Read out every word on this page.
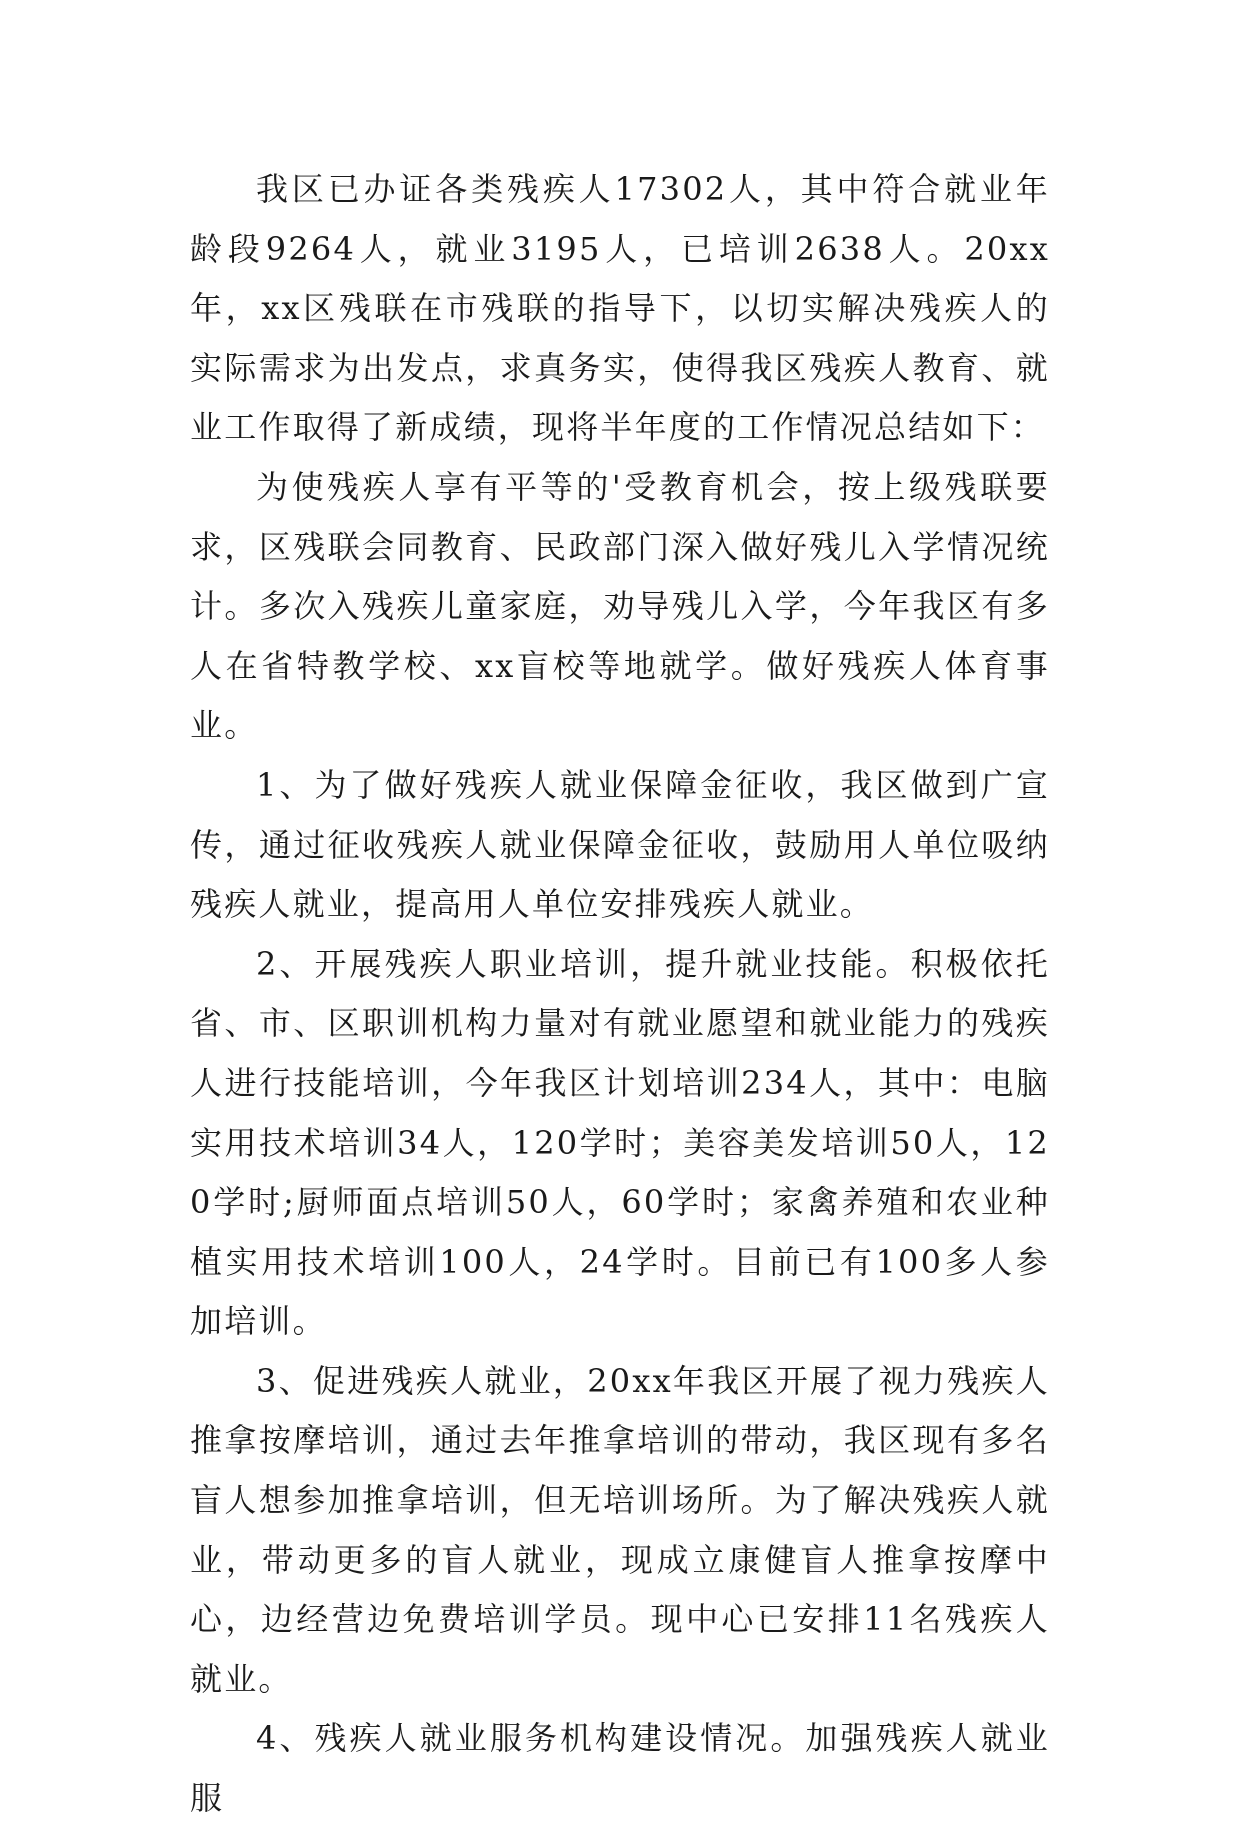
我区已办证各类残疾人17302人，其中符合就业年龄段9264人，就业3195人，已培训2638人。20xx年，xx区残联在市残联的指导下，以切实解决残疾人的实际需求为出发点，求真务实，使得我区残疾人教育、就业工作取得了新成绩，现将半年度的工作情况总结如下：

为使残疾人享有平等的'受教育机会，按上级残联要求，区残联会同教育、民政部门深入做好残儿入学情况统计。多次入残疾儿童家庭，劝导残儿入学，今年我区有多人在省特教学校、xx盲校等地就学。做好残疾人体育事业。

1、为了做好残疾人就业保障金征收，我区做到广宣传，通过征收残疾人就业保障金征收，鼓励用人单位吸纳残疾人就业，提高用人单位安排残疾人就业。

2、开展残疾人职业培训，提升就业技能。积极依托省、市、区职训机构力量对有就业愿望和就业能力的残疾人进行技能培训，今年我区计划培训234人，其中：电脑实用技术培训34人，120学时；美容美发培训50人，120学时;厨师面点培训50人，60学时；家禽养殖和农业种植实用技术培训100人，24学时。目前已有100多人参加培训。

3、促进残疾人就业，20xx年我区开展了视力残疾人推拿按摩培训，通过去年推拿培训的带动，我区现有多名盲人想参加推拿培训，但无培训场所。为了解决残疾人就业，带动更多的盲人就业，现成立康健盲人推拿按摩中心，边经营边免费培训学员。现中心已安排11名残疾人就业。

4、残疾人就业服务机构建设情况。加强残疾人就业服
